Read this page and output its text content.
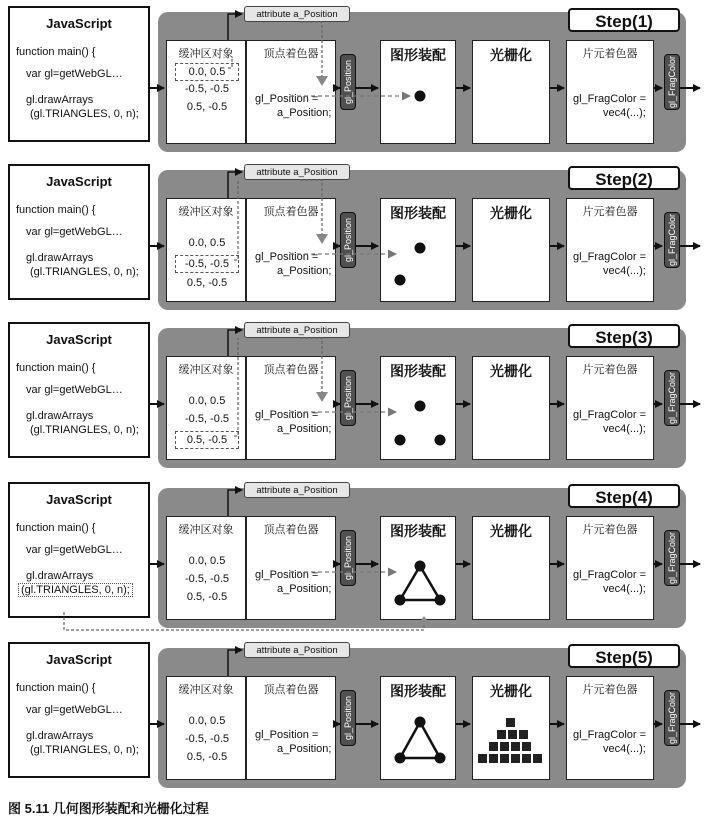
JavaScript
function main() {
var gl=getWebGL…
gl.drawArrays
(gl.TRIANGLES, 0, n);
缓冲区对象
0.0, 0.5
-0.5, -0.5
0.5, -0.5
顶点着色器
gl_Position =
a_Position;
gl_Position
图形装配	光栅化	片元着色器
gl_FragColor =
vec4(...);
gl_FragColor
attribute a_Position	Step(1)
JavaScript
function main() {
var gl=getWebGL…
gl.drawArrays
(gl.TRIANGLES, 0, n);
缓冲区对象
0.0, 0.5
-0.5, -0.5
0.5, -0.5
顶点着色器
gl_Position =
a_Position;
gl_Position
图形装配	光栅化	片元着色器
gl_FragColor =
vec4(...);
gl_FragColor
attribute a_Position	Step(2)
JavaScript
function main() {
var gl=getWebGL…
gl.drawArrays
(gl.TRIANGLES, 0, n);
缓冲区对象
0.0, 0.5
-0.5, -0.5
0.5, -0.5
顶点着色器
gl_Position =
a_Position;
gl_Position
图形装配	光栅化	片元着色器
gl_FragColor =
vec4(...);
gl_FragColor
attribute a_Position	Step(3)
JavaScript
function main() {
var gl=getWebGL…
gl.drawArrays
(gl.TRIANGLES, 0, n);
缓冲区对象
0.0, 0.5
-0.5, -0.5
0.5, -0.5
顶点着色器
gl_Position =
a_Position;
gl_Position
图形装配	光栅化	片元着色器
gl_FragColor =
vec4(...);
gl_FragColor
attribute a_Position	Step(4)
JavaScript
function main() {
var gl=getWebGL…
gl.drawArrays
(gl.TRIANGLES, 0, n);
缓冲区对象
0.0, 0.5
-0.5, -0.5
0.5, -0.5
顶点着色器
gl_Position =
a_Position;
gl_Position
图形装配	光栅化	片元着色器
gl_FragColor =
vec4(...);
gl_FragColor
attribute a_Position	Step(5)
图 5.11 几何图形装配和光栅化过程
